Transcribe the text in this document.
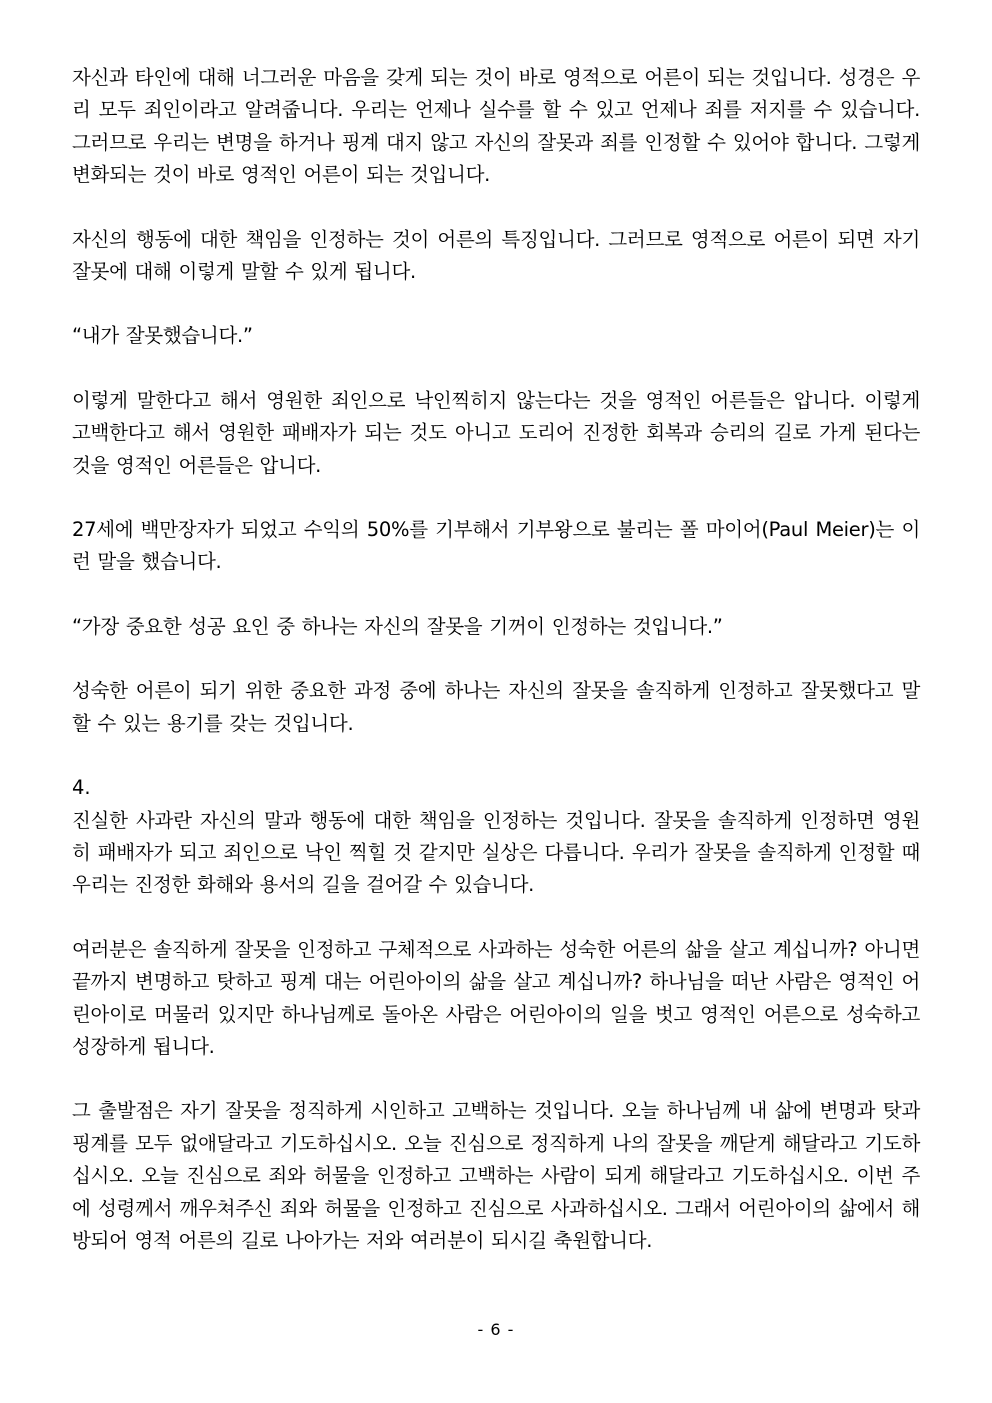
자신과 타인에 대해 너그러운 마음을 갖게 되는 것이 바로 영적으로 어른이 되는 것입니다. 성경은 우리 모두 죄인이라고 알려줍니다. 우리는 언제나 실수를 할 수 있고 언제나 죄를 저지를 수 있습니다. 그러므로 우리는 변명을 하거나 핑계 대지 않고 자신의 잘못과 죄를 인정할 수 있어야 합니다. 그렇게 변화되는 것이 바로 영적인 어른이 되는 것입니다.

자신의 행동에 대한 책임을 인정하는 것이 어른의 특징입니다. 그러므로 영적으로 어른이 되면 자기 잘못에 대해 이렇게 말할 수 있게 됩니다.

“내가 잘못했습니다.”

이렇게 말한다고 해서 영원한 죄인으로 낙인찍히지 않는다는 것을 영적인 어른들은 압니다. 이렇게 고백한다고 해서 영원한 패배자가 되는 것도 아니고 도리어 진정한 회복과 승리의 길로 가게 된다는 것을 영적인 어른들은 압니다.

27세에 백만장자가 되었고 수익의 50%를 기부해서 기부왕으로 불리는 폴 마이어(Paul Meier)는 이런 말을 했습니다.

“가장 중요한 성공 요인 중 하나는 자신의 잘못을 기꺼이 인정하는 것입니다.”

성숙한 어른이 되기 위한 중요한 과정 중에 하나는 자신의 잘못을 솔직하게 인정하고 잘못했다고 말할 수 있는 용기를 갖는 것입니다.

4.

진실한 사과란 자신의 말과 행동에 대한 책임을 인정하는 것입니다. 잘못을 솔직하게 인정하면 영원히 패배자가 되고 죄인으로 낙인 찍힐 것 같지만 실상은 다릅니다. 우리가 잘못을 솔직하게 인정할 때 우리는 진정한 화해와 용서의 길을 걸어갈 수 있습니다.

여러분은 솔직하게 잘못을 인정하고 구체적으로 사과하는 성숙한 어른의 삶을 살고 계십니까? 아니면 끝까지 변명하고 탓하고 핑계 대는 어린아이의 삶을 살고 계십니까? 하나님을 떠난 사람은 영적인 어린아이로 머물러 있지만 하나님께로 돌아온 사람은 어린아이의 일을 벗고 영적인 어른으로 성숙하고 성장하게 됩니다.

그 출발점은 자기 잘못을 정직하게 시인하고 고백하는 것입니다. 오늘 하나님께 내 삶에 변명과 탓과 핑계를 모두 없애달라고 기도하십시오. 오늘 진심으로 정직하게 나의 잘못을 깨닫게 해달라고 기도하십시오. 오늘 진심으로 죄와 허물을 인정하고 고백하는 사람이 되게 해달라고 기도하십시오. 이번 주에 성령께서 깨우쳐주신 죄와 허물을 인정하고 진심으로 사과하십시오. 그래서 어린아이의 삶에서 해방되어 영적 어른의 길로 나아가는 저와 여러분이 되시길 축원합니다.

- 6 -
